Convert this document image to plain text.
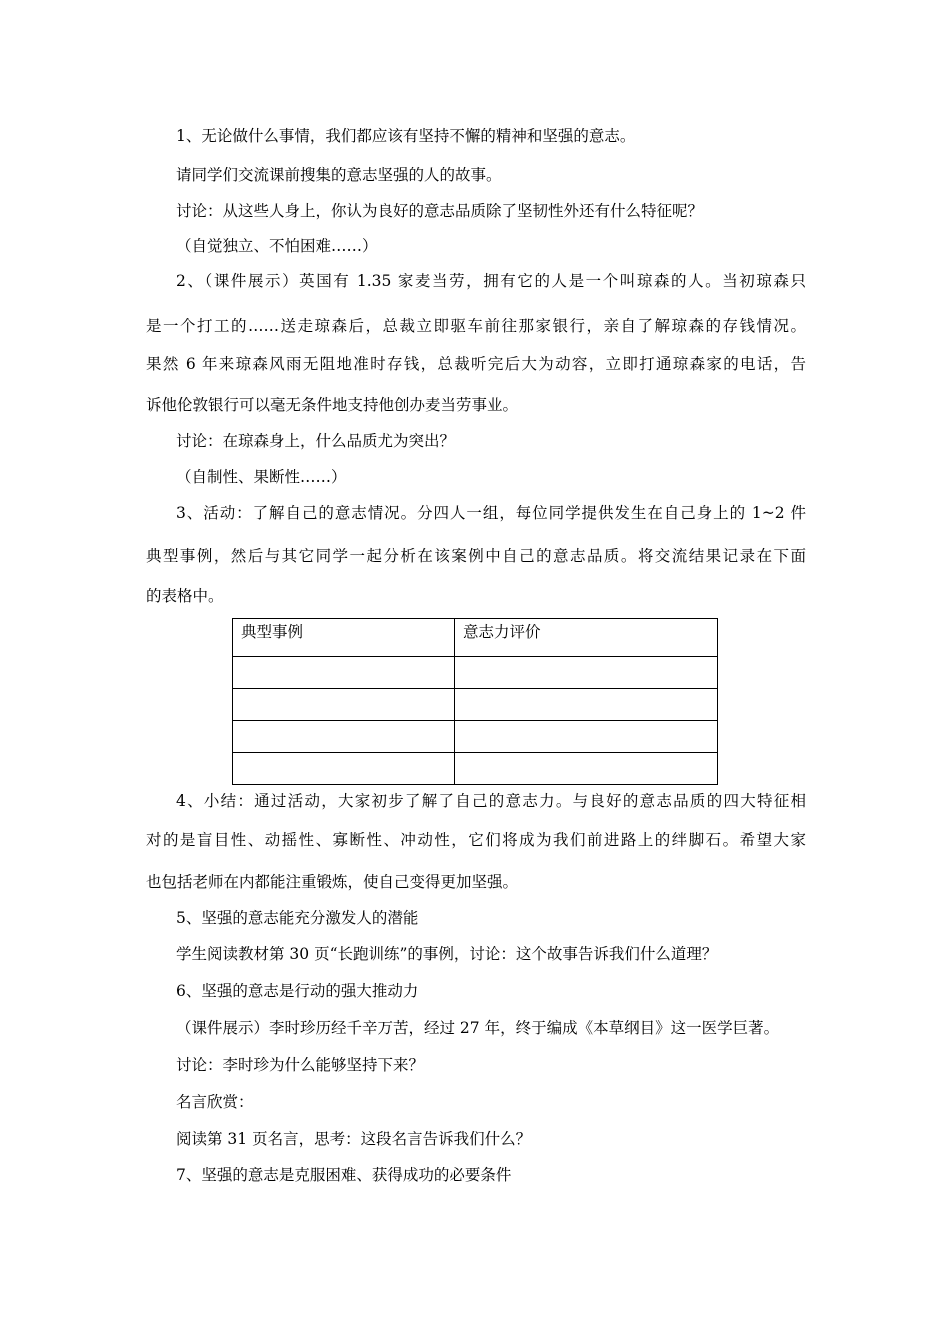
1、无论做什么事情，我们都应该有坚持不懈的精神和坚强的意志。
请同学们交流课前搜集的意志坚强的人的故事。
讨论：从这些人身上，你认为良好的意志品质除了坚韧性外还有什么特征呢？
（自觉独立、不怕困难……）
2、（课件展示）英国有 1.35 家麦当劳，拥有它的人是一个叫琼森的人。当初琼森只
是一个打工的……送走琼森后，总裁立即驱车前往那家银行，亲自了解琼森的存钱情况。
果然 6 年来琼森风雨无阻地准时存钱，总裁听完后大为动容，立即打通琼森家的电话，告
诉他伦敦银行可以毫无条件地支持他创办麦当劳事业。
讨论：在琼森身上，什么品质尤为突出？
（自制性、果断性……）
3、活动：了解自己的意志情况。分四人一组，每位同学提供发生在自己身上的 1~2 件
典型事例，然后与其它同学一起分析在该案例中自己的意志品质。将交流结果记录在下面
的表格中。
典型事例	意志力评价

4、小结：通过活动，大家初步了解了自己的意志力。与良好的意志品质的四大特征相
对的是盲目性、动摇性、寡断性、冲动性，它们将成为我们前进路上的绊脚石。希望大家
也包括老师在内都能注重锻炼，使自己变得更加坚强。
5、坚强的意志能充分激发人的潜能
学生阅读教材第 30 页“长跑训练”的事例，讨论：这个故事告诉我们什么道理？
6、坚强的意志是行动的强大推动力
（课件展示）李时珍历经千辛万苦，经过 27 年，终于编成《本草纲目》这一医学巨著。
讨论：李时珍为什么能够坚持下来？
名言欣赏：
阅读第 31 页名言，思考：这段名言告诉我们什么？
7、坚强的意志是克服困难、获得成功的必要条件
